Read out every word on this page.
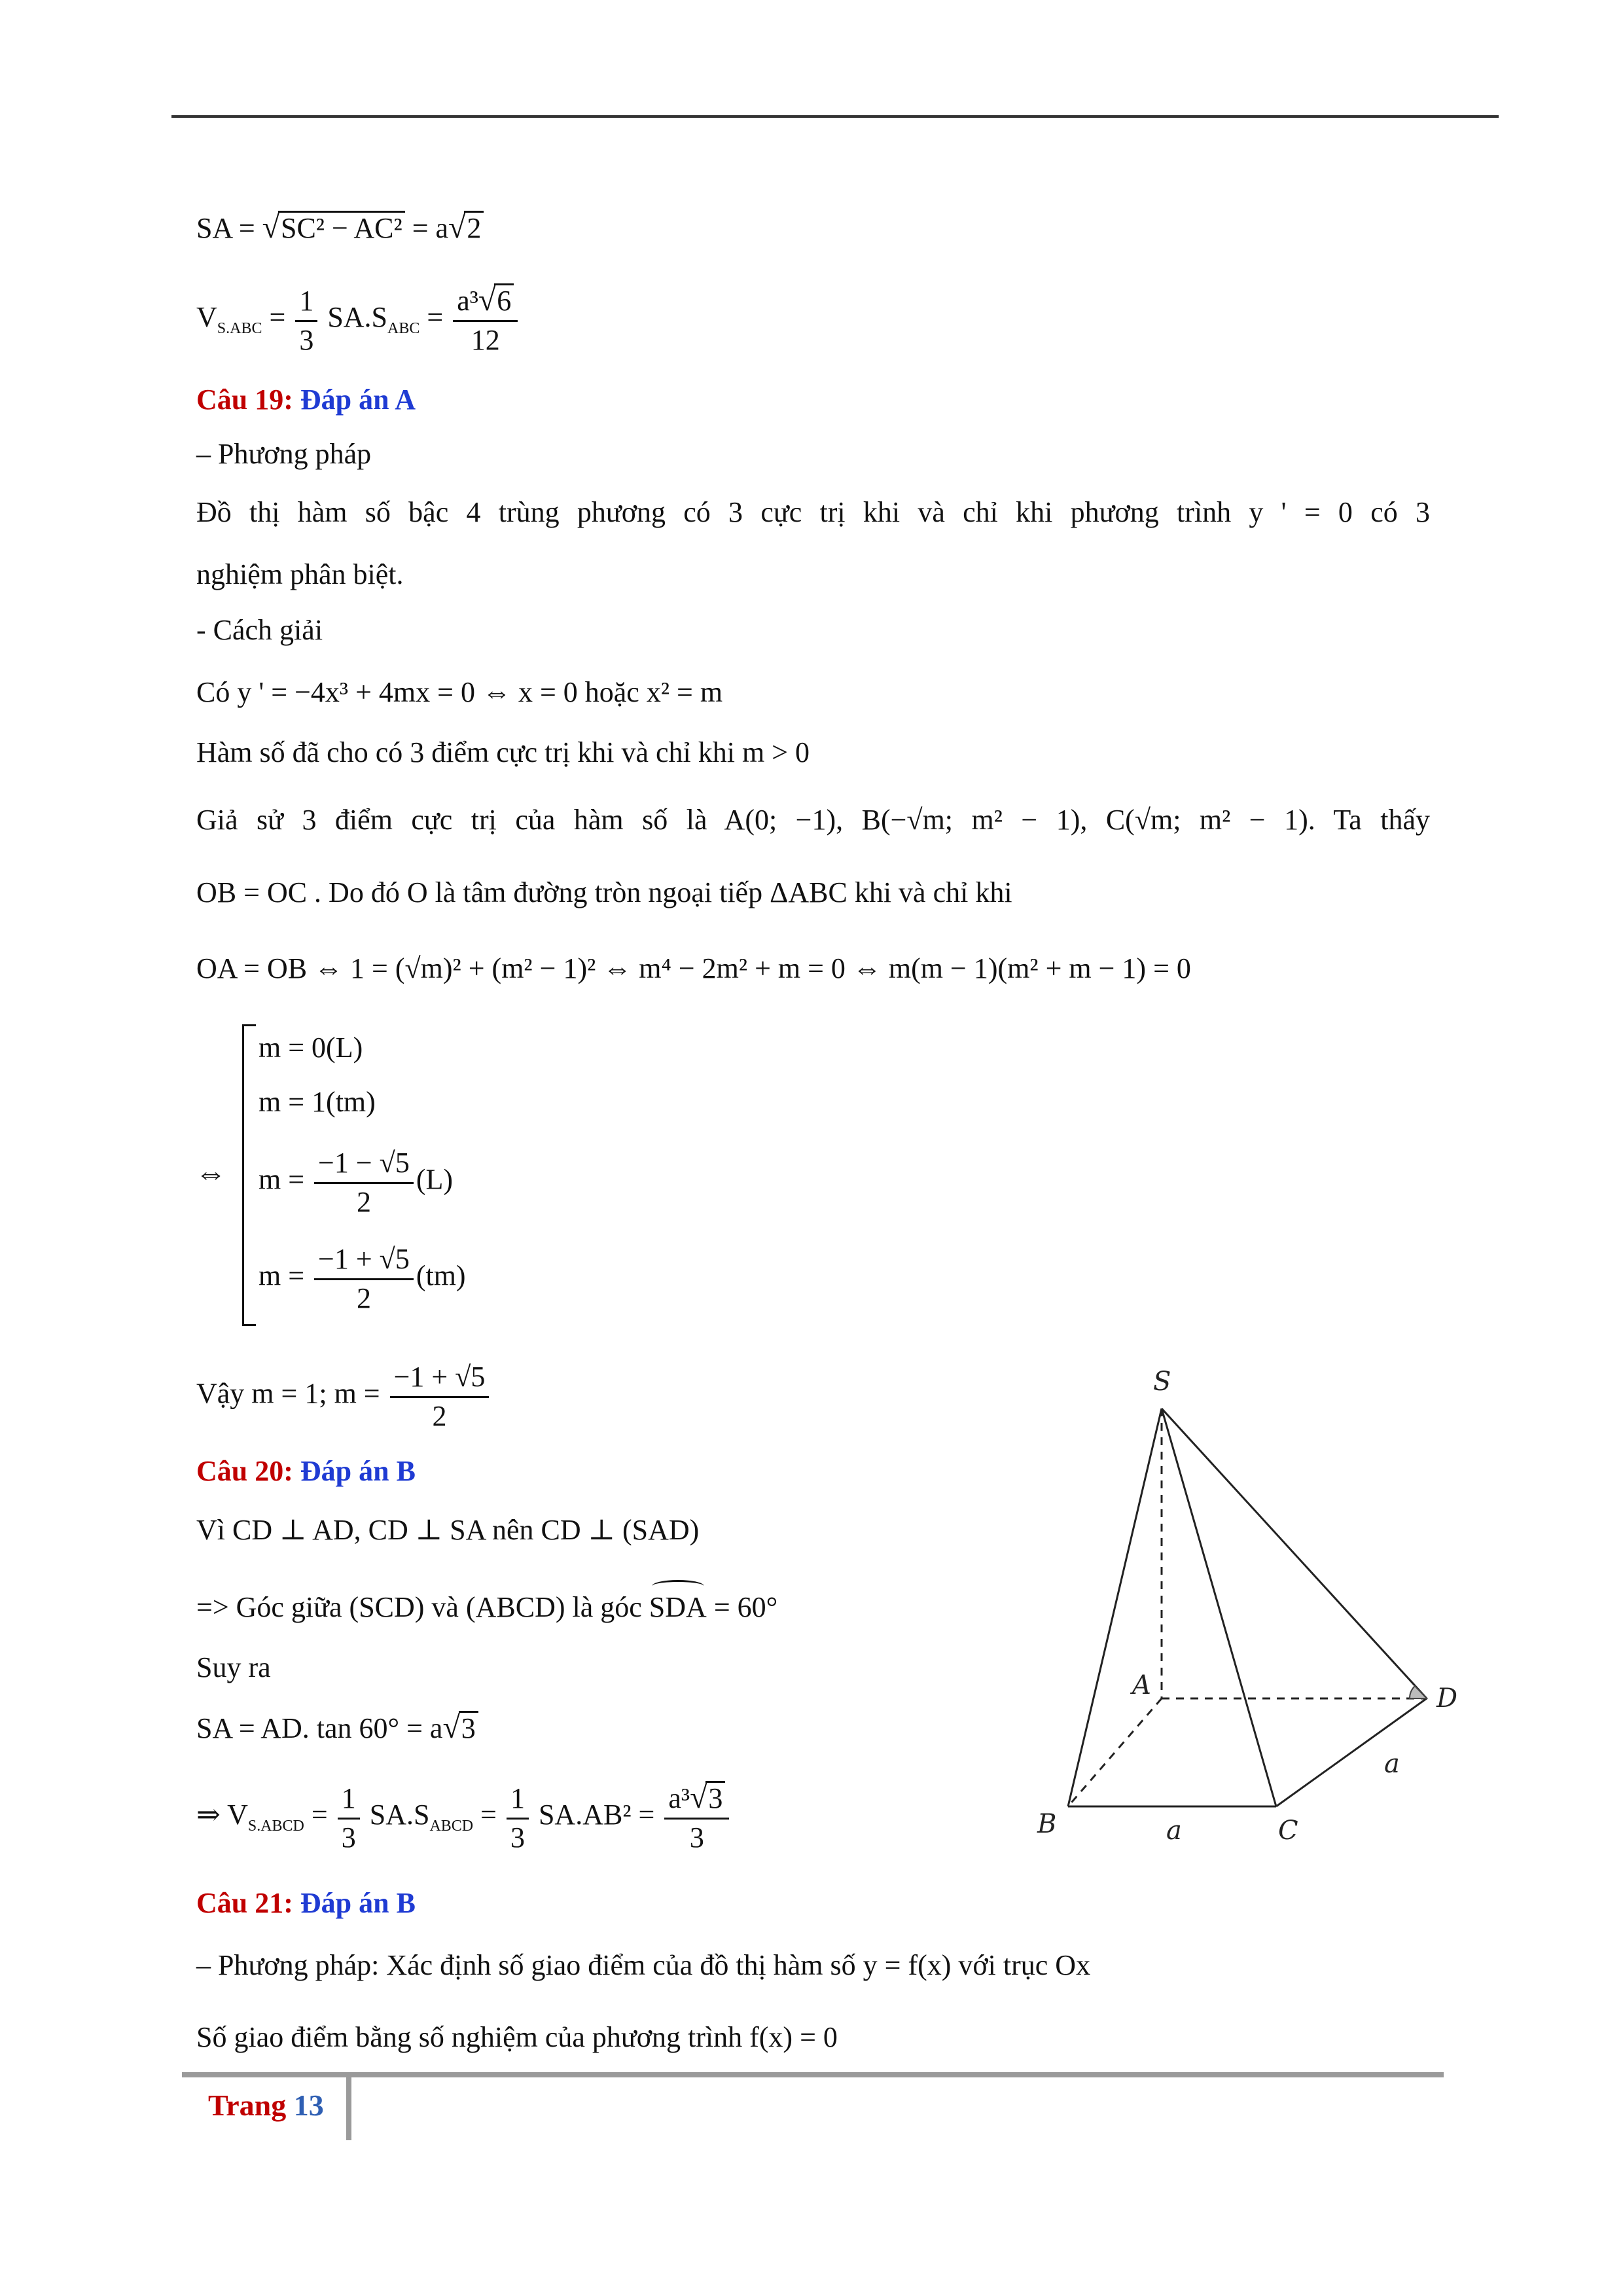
SA = √SC² − AC² = a√2
$V_{S.ABC} = \frac{1}{3} SA.S_{ABC} = \frac{\text{a³√6}}{12}$
Câu 19: Đáp án A
– Phương pháp
Đồ thị hàm số bậc 4 trùng phương có 3 cực trị khi và chỉ khi phương trình y ' = 0 có 3
nghiệm phân biệt.
- Cách giải
Có y ' = −4x³ + 4mx = 0 ⇔ x = 0 hoặc x² = m
Hàm số đã cho có 3 điểm cực trị khi và chỉ khi m > 0
Giả sử 3 điểm cực trị của hàm số là A(0; −1), B(−√m; m² − 1), C(√m; m² − 1). Ta thấy
OB = OC . Do đó O là tâm đường tròn ngoại tiếp ΔABC khi và chỉ khi
OA = OB ⇔ 1 = (√m)² + (m² − 1)² ⇔ m⁴ − 2m² + m = 0 ⇔ m(m − 1)(m² + m − 1) = 0
⇔
m = 0(L)
m = 1(tm)
$m = \frac{-1 - √5}{2} (L)$
$m = \frac{-1 + √5}{2} (tm)$
Vậy m = 1; $m = \frac{-1 + √5}{2}$
Câu 20: Đáp án B
Vì CD ⊥ AD, CD ⊥ SA nên CD ⊥ (SAD)
=> Góc giữa (SCD) và (ABCD) là góc SDA = 60°
Suy ra
SA = AD. tan 60° = a√3
⇒ $V_{S.ABCD} = \frac{1}{3} SA.S_{ABCD} = \frac{1}{3} SA.AB^2 = \frac{\text{a³√3}}{3}$
Câu 21: Đáp án B
– Phương pháp: Xác định số giao điểm của đồ thị hàm số y = f(x) với trục Ox
Số giao điểm bằng số nghiệm của phương trình f(x) = 0
S
A	D
B	C
a
a
Trang 13
